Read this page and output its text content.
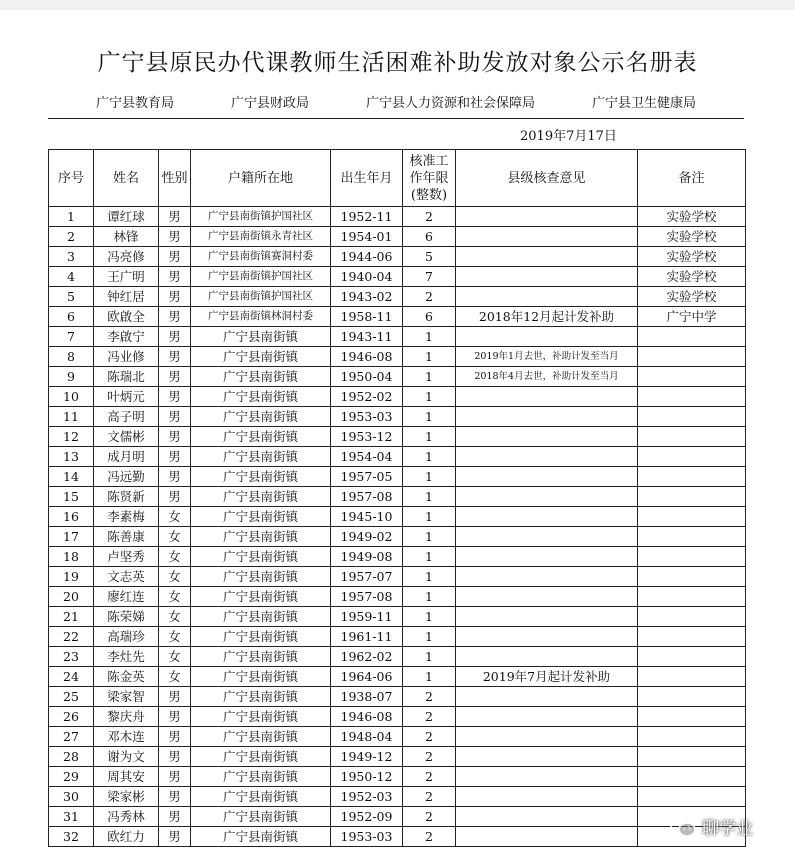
广宁县原民办代课教师生活困难补助发放对象公示名册表
广宁县教育局	广宁县财政局	广宁县人力资源和社会保障局	广宁县卫生健康局
2019年7月17日
序号	姓名	性别	户籍所在地	出生年月	核准工作年限(整数)	县级核查意见	备注
1	谭红球	男	广宁县南街镇护国社区	1952-11	2		实验学校
2	林锋	男	广宁县南街镇永青社区	1954-01	6		实验学校
3	冯亮修	男	广宁县南街镇赛洞村委	1944-06	5		实验学校
4	王广明	男	广宁县南街镇护国社区	1940-04	7		实验学校
5	钟红居	男	广宁县南街镇护国社区	1943-02	2		实验学校
6	欧啟全	男	广宁县南街镇林洞村委	1958-11	6	2018年12月起计发补助	广宁中学
7	李啟宁	男	广宁县南街镇	1943-11	1		
8	冯业修	男	广宁县南街镇	1946-08	1	2019年1月去世，补助计发至当月	
9	陈瑞北	男	广宁县南街镇	1950-04	1	2018年4月去世，补助计发至当月	
10	叶炳元	男	广宁县南街镇	1952-02	1		
11	高子明	男	广宁县南街镇	1953-03	1		
12	文儒彬	男	广宁县南街镇	1953-12	1		
13	成月明	男	广宁县南街镇	1954-04	1		
14	冯远勤	男	广宁县南街镇	1957-05	1		
15	陈贤新	男	广宁县南街镇	1957-08	1		
16	李素梅	女	广宁县南街镇	1945-10	1		
17	陈善康	女	广宁县南街镇	1949-02	1		
18	卢坚秀	女	广宁县南街镇	1949-08	1		
19	文志英	女	广宁县南街镇	1957-07	1		
20	廖红连	女	广宁县南街镇	1957-08	1		
21	陈荣娣	女	广宁县南街镇	1959-11	1		
22	高瑞珍	女	广宁县南街镇	1961-11	1		
23	李灶先	女	广宁县南街镇	1962-02	1		
24	陈金英	女	广宁县南街镇	1964-06	1	2019年7月起计发补助	
25	梁家智	男	广宁县南街镇	1938-07	2		
26	黎庆舟	男	广宁县南街镇	1946-08	2		
27	邓木连	男	广宁县南街镇	1948-04	2		
28	谢为文	男	广宁县南街镇	1949-12	2		
29	周其安	男	广宁县南街镇	1950-12	2		
30	梁家彬	男	广宁县南街镇	1952-03	2		
31	冯秀林	男	广宁县南街镇	1952-09	2		
32	欧红力	男	广宁县南街镇	1953-03	2			聊学业
